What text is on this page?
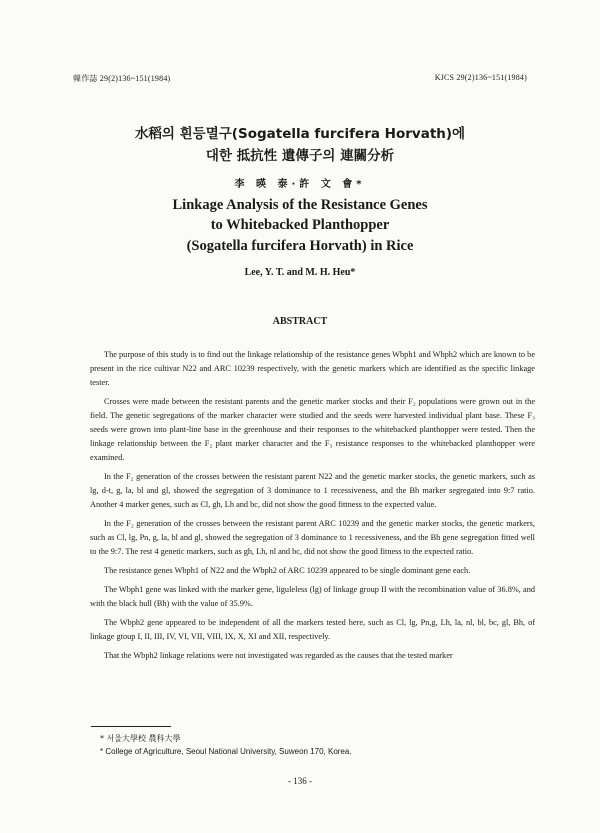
韓作誌 29(2)136~151(1984)	KJCS 29(2)136~151(1984)
水稻의 흰등멸구(Sogatella furcifera Horvath)에
대한 抵抗性 遺傳子의 連關分析
李 暎 泰·許 文 會*
Linkage Analysis of the Resistance Genes
to Whitebacked Planthopper
(Sogatella furcifera Horvath) in Rice
Lee, Y. T. and M. H. Heu*
ABSTRACT

The purpose of this study is to find out the linkage relationship of the resistance genes Wbph1 and Wbph2 which are known to be present in the rice cultivar N22 and ARC 10239 respectively, with the genetic markers which are identified as the specific linkage tester.

Crosses were made between the resistant parents and the genetic marker stocks and their F₂ populations were grown out in the field. The genetic segregations of the marker character were studied and the seeds were harvested individual plant base. These F₃ seeds were grown into plant-line base in the greenhouse and their responses to the whitebacked planthopper were tested. Then the linkage relationship between the F₂ plant marker character and the F₃ resistance responses to the whitebacked planthopper were examined.

In the F₂ generation of the crosses between the resistant parent N22 and the genetic marker stocks, the genetic markers, such as lg, d-t, g, la, bl and gl, showed the segregation of 3 dominance to 1 recessiveness, and the Bh marker segregated into 9:7 ratio. Another 4 marker genes, such as Cl, gh, Lh and bc, did not show the good fittness to the expected value.

In the F₂ generation of the crosses between the resistant parent ARC 10239 and the genetic marker stocks, the genetic markers, such as Cl, lg, Pn, g, la, bl and gl, showed the segregation of 3 dominance to 1 recessiveness, and the Bh gene segregation fitted well to the 9:7. The rest 4 genetic markers, such as gh, Lh, nl and bc, did not show the good fitness to the expected ratio.

The resistance genes Wbph1 of N22 and the Wbph2 of ARC 10239 appeared to be single dominant gene each.

The Wbph1 gene was linked with the marker gene, liguleless (lg) of linkage group II with the recombination value of 36.8%, and with the black hull (Bh) with the value of 35.9%.

The Wbph2 gene appeared to be independent of all the markers tested here, such as Cl, lg, Pn,g, Lh, la, nl, bl, bc, gl, Bh, of linkage gtoup I, II, III, IV, VI, VII, VIII, IX, X, XI and XII, respectively.

That the Wbph2 linkage relations were not investigated was regarded as the causes that the tested marker

* 서울大學校 農科大學
* College of Agriculture, Seoul National University, Suweon 170, Korea.
- 136 -
